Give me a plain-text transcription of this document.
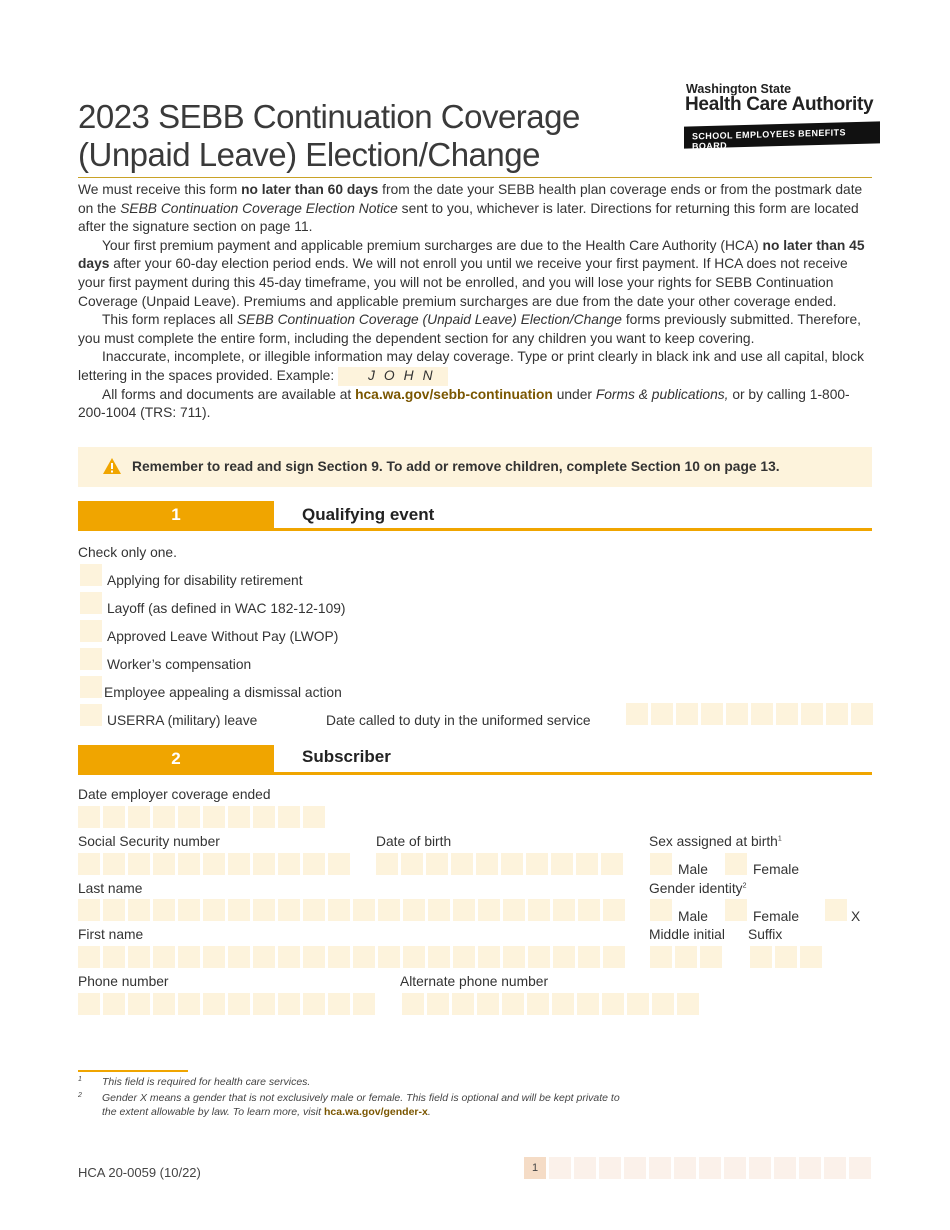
Washington State
Health Care Authority
SCHOOL EMPLOYEES BENEFITS BOARD
2023 SEBB Continuation Coverage
(Unpaid Leave) Election/Change

We must receive this form no later than 60 days from the date your SEBB health plan coverage ends or from the postmark date on the SEBB Continuation Coverage Election Notice sent to you, whichever is later. Directions for returning this form are located after the signature section on page 11.

Your first premium payment and applicable premium surcharges are due to the Health Care Authority (HCA) no later than 45 days after your 60-day election period ends. We will not enroll you until we receive your first payment. If HCA does not receive your first payment during this 45-day timeframe, you will not be enrolled, and you will lose your rights for SEBB Continuation Coverage (Unpaid Leave). Premiums and applicable premium surcharges are due from the date your other coverage ended.

This form replaces all SEBB Continuation Coverage (Unpaid Leave) Election/Change forms previously submitted. Therefore, you must complete the entire form, including the dependent section for any children you want to keep covering.

Inaccurate, incomplete, or illegible information may delay coverage. Type or print clearly in black ink and use all capital, block lettering in the spaces provided. Example: JOHN

All forms and documents are available at hca.wa.gov/sebb-continuation under Forms & publications, or by calling 1-800-200-1004 (TRS: 711).

Remember to read and sign Section 9. To add or remove children, complete Section 10 on page 13.
1	Qualifying event
Check only one.
Applying for disability retirement
Layoff (as defined in WAC 182-12-109)
Approved Leave Without Pay (LWOP)
Worker’s compensation
Employee appealing a dismissal action
USERRA (military) leave	Date called to duty in the uniformed service
2	Subscriber
Date employer coverage ended
Social Security number	Date of birth	Sex assigned at birth$^1$
Male	Female
Last name	Gender identity$^2$
Male	Female	X
First name	Middle initial Suffix
Phone number	Alternate phone number
1 This field is required for health care services.
2 Gender X means a gender that is not exclusively male or female. This field is optional and will be kept private to the extent allowable by law. To learn more, visit hca.wa.gov/gender-x.
HCA 20-0059 (10/22)	1
